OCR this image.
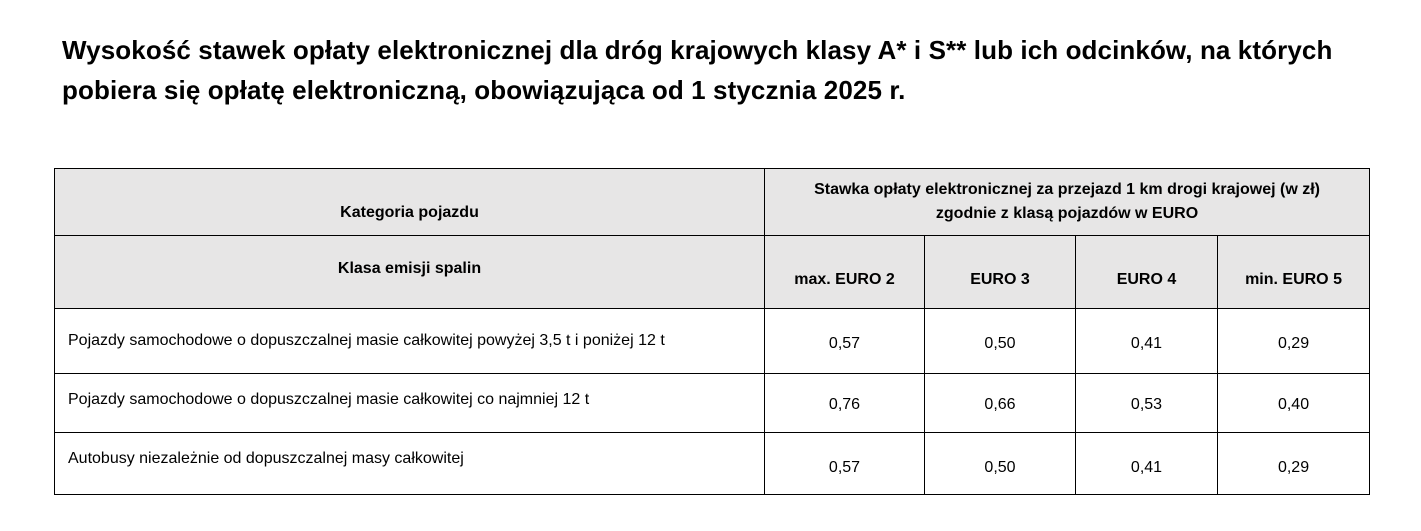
Wysokość stawek opłaty elektronicznej dla dróg krajowych klasy A* i S** lub ich odcinków, na których pobiera się opłatę elektroniczną, obowiązująca od 1 stycznia 2025 r.
Kategoria pojazdu	Stawka opłaty elektronicznej za przejazd 1 km drogi krajowej (w zł)
zgodnie z klasą pojazdów w EURO			

Klasa emisji spalin	max. EURO 2	EURO 3	EURO 4	min. EURO 5

Pojazdy samochodowe o dopuszczalnej masie całkowitej powyżej 3,5 t i poniżej 12 t	0,57	0,50	0,41	0,29

Pojazdy samochodowe o dopuszczalnej masie całkowitej co najmniej 12 t	0,76	0,66	0,53	0,40

Autobusy niezależnie od dopuszczalnej masy całkowitej	0,57	0,50	0,41	0,29
